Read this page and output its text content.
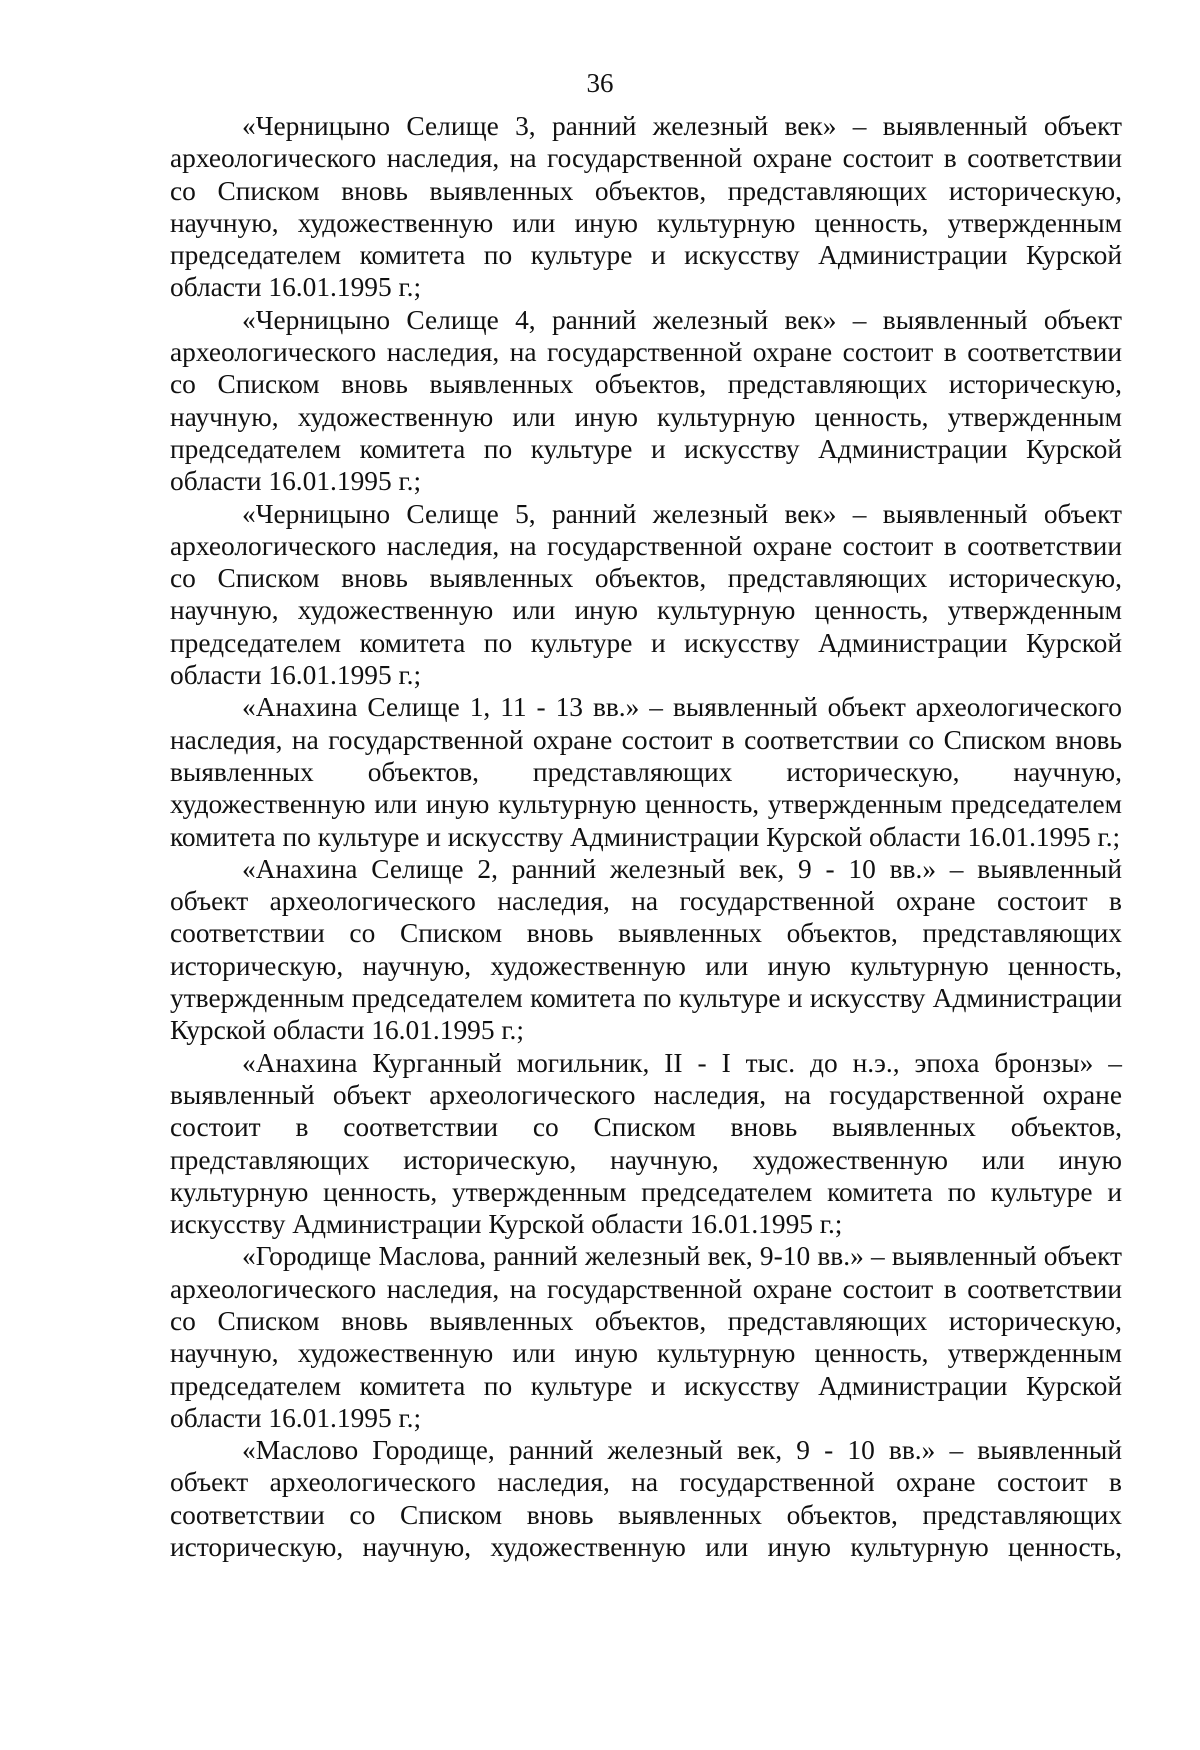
36

«Черницыно Селище 3, ранний железный век» – выявленный объект археологического наследия, на государственной охране состоит в соответствии со Списком вновь выявленных объектов, представляющих историческую, научную, художественную или иную культурную ценность, утвержденным председателем комитета по культуре и искусству Администрации Курской области 16.01.1995 г.;

«Черницыно Селище 4, ранний железный век» – выявленный объект археологического наследия, на государственной охране состоит в соответствии со Списком вновь выявленных объектов, представляющих историческую, научную, художественную или иную культурную ценность, утвержденным председателем комитета по культуре и искусству Администрации Курской области 16.01.1995 г.;

«Черницыно Селище 5, ранний железный век» – выявленный объект археологического наследия, на государственной охране состоит в соответствии со Списком вновь выявленных объектов, представляющих историческую, научную, художественную или иную культурную ценность, утвержденным председателем комитета по культуре и искусству Администрации Курской области 16.01.1995 г.;

«Анахина Селище 1, 11 - 13 вв.» – выявленный объект археологического наследия, на государственной охране состоит в соответствии со Списком вновь выявленных объектов, представляющих историческую, научную, художественную или иную культурную ценность, утвержденным председателем комитета по культуре и искусству Администрации Курской области 16.01.1995 г.;

«Анахина Селище 2, ранний железный век, 9 - 10 вв.» – выявленный объект археологического наследия, на государственной охране состоит в соответствии со Списком вновь выявленных объектов, представляющих историческую, научную, художественную или иную культурную ценность, утвержденным председателем комитета по культуре и искусству Администрации Курской области 16.01.1995 г.;

«Анахина Курганный могильник, II - I тыс. до н.э., эпоха бронзы» – выявленный объект археологического наследия, на государственной охране состоит в соответствии со Списком вновь выявленных объектов, представляющих историческую, научную, художественную или иную культурную ценность, утвержденным председателем комитета по культуре и искусству Администрации Курской области 16.01.1995 г.;

«Городище Маслова, ранний железный век, 9-10 вв.» – выявленный объект археологического наследия, на государственной охране состоит в соответствии со Списком вновь выявленных объектов, представляющих историческую, научную, художественную или иную культурную ценность, утвержденным председателем комитета по культуре и искусству Администрации Курской области 16.01.1995 г.;

«Маслово Городище, ранний железный век, 9 - 10 вв.» – выявленный объект археологического наследия, на государственной охране состоит в соответствии со Списком вновь выявленных объектов, представляющих историческую, научную, художественную или иную культурную ценность,
